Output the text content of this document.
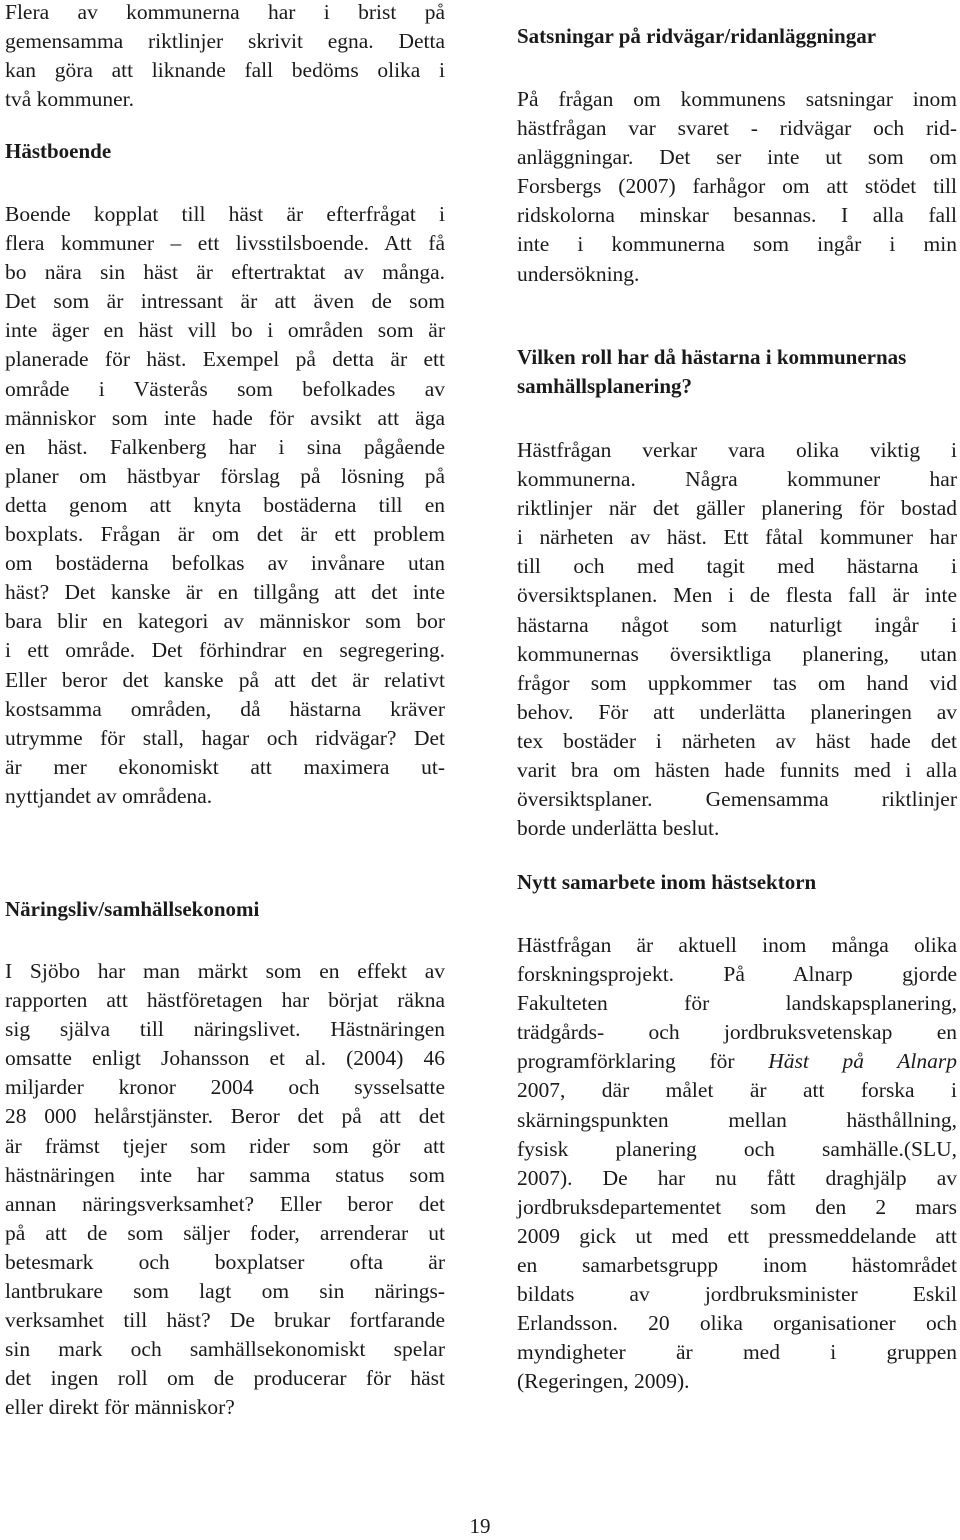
Flera av kommunerna har i brist på
gemensamma riktlinjer skrivit egna. Detta
kan göra att liknande fall bedöms olika i
två kommuner.
Hästboende
Boende kopplat till häst är efterfrågat i
flera kommuner – ett livsstilsboende. Att få
bo nära sin häst är eftertraktat av många.
Det som är intressant är att även de som
inte äger en häst vill bo i områden som är
planerade för häst. Exempel på detta är ett
område i Västerås som befolkades av
människor som inte hade för avsikt att äga
en häst. Falkenberg har i sina pågående
planer om hästbyar förslag på lösning på
detta genom att knyta bostäderna till en
boxplats. Frågan är om det är ett problem
om bostäderna befolkas av invånare utan
häst? Det kanske är en tillgång att det inte
bara blir en kategori av människor som bor
i ett område. Det förhindrar en segregering.
Eller beror det kanske på att det är relativt
kostsamma områden, då hästarna kräver
utrymme för stall, hagar och ridvägar? Det
är mer ekonomiskt att maximera ut-
nyttjandet av områdena.
Näringsliv/samhällsekonomi
I Sjöbo har man märkt som en effekt av
rapporten att hästföretagen har börjat räkna
sig själva till näringslivet. Hästnäringen
omsatte enligt Johansson et al. (2004) 46
miljarder kronor 2004 och sysselsatte
28 000 helårstjänster. Beror det på att det
är främst tjejer som rider som gör att
hästnäringen inte har samma status som
annan näringsverksamhet? Eller beror det
på att de som säljer foder, arrenderar ut
betesmark och boxplatser ofta är
lantbrukare som lagt om sin närings-
verksamhet till häst? De brukar fortfarande
sin mark och samhällsekonomiskt spelar
det ingen roll om de producerar för häst
eller direkt för människor?
Satsningar på ridvägar/ridanläggningar
På frågan om kommunens satsningar inom
hästfrågan var svaret - ridvägar och rid-
anläggningar. Det ser inte ut som om
Forsbergs (2007) farhågor om att stödet till
ridskolorna minskar besannas. I alla fall
inte i kommunerna som ingår i min
undersökning.
Vilken roll har då hästarna i kommunernas
samhällsplanering?
Hästfrågan verkar vara olika viktig i
kommunerna. Några kommuner har
riktlinjer när det gäller planering för bostad
i närheten av häst. Ett fåtal kommuner har
till och med tagit med hästarna i
översiktsplanen. Men i de flesta fall är inte
hästarna något som naturligt ingår i
kommunernas översiktliga planering, utan
frågor som uppkommer tas om hand vid
behov. För att underlätta planeringen av
tex bostäder i närheten av häst hade det
varit bra om hästen hade funnits med i alla
översiktsplaner. Gemensamma riktlinjer
borde underlätta beslut.
Nytt samarbete inom hästsektorn
Hästfrågan är aktuell inom många olika
forskningsprojekt. På Alnarp gjorde
Fakulteten för landskapsplanering,
trädgårds- och jordbruksvetenskap en
programförklaring för Häst på Alnarp
2007, där målet är att forska i
skärningspunkten mellan hästhållning,
fysisk planering och samhälle.(SLU,
2007). De har nu fått draghjälp av
jordbruksdepartementet som den 2 mars
2009 gick ut med ett pressmeddelande att
en samarbetsgrupp inom hästområdet
bildats av jordbruksminister Eskil
Erlandsson. 20 olika organisationer och
myndigheter är med i gruppen
(Regeringen, 2009).
19
